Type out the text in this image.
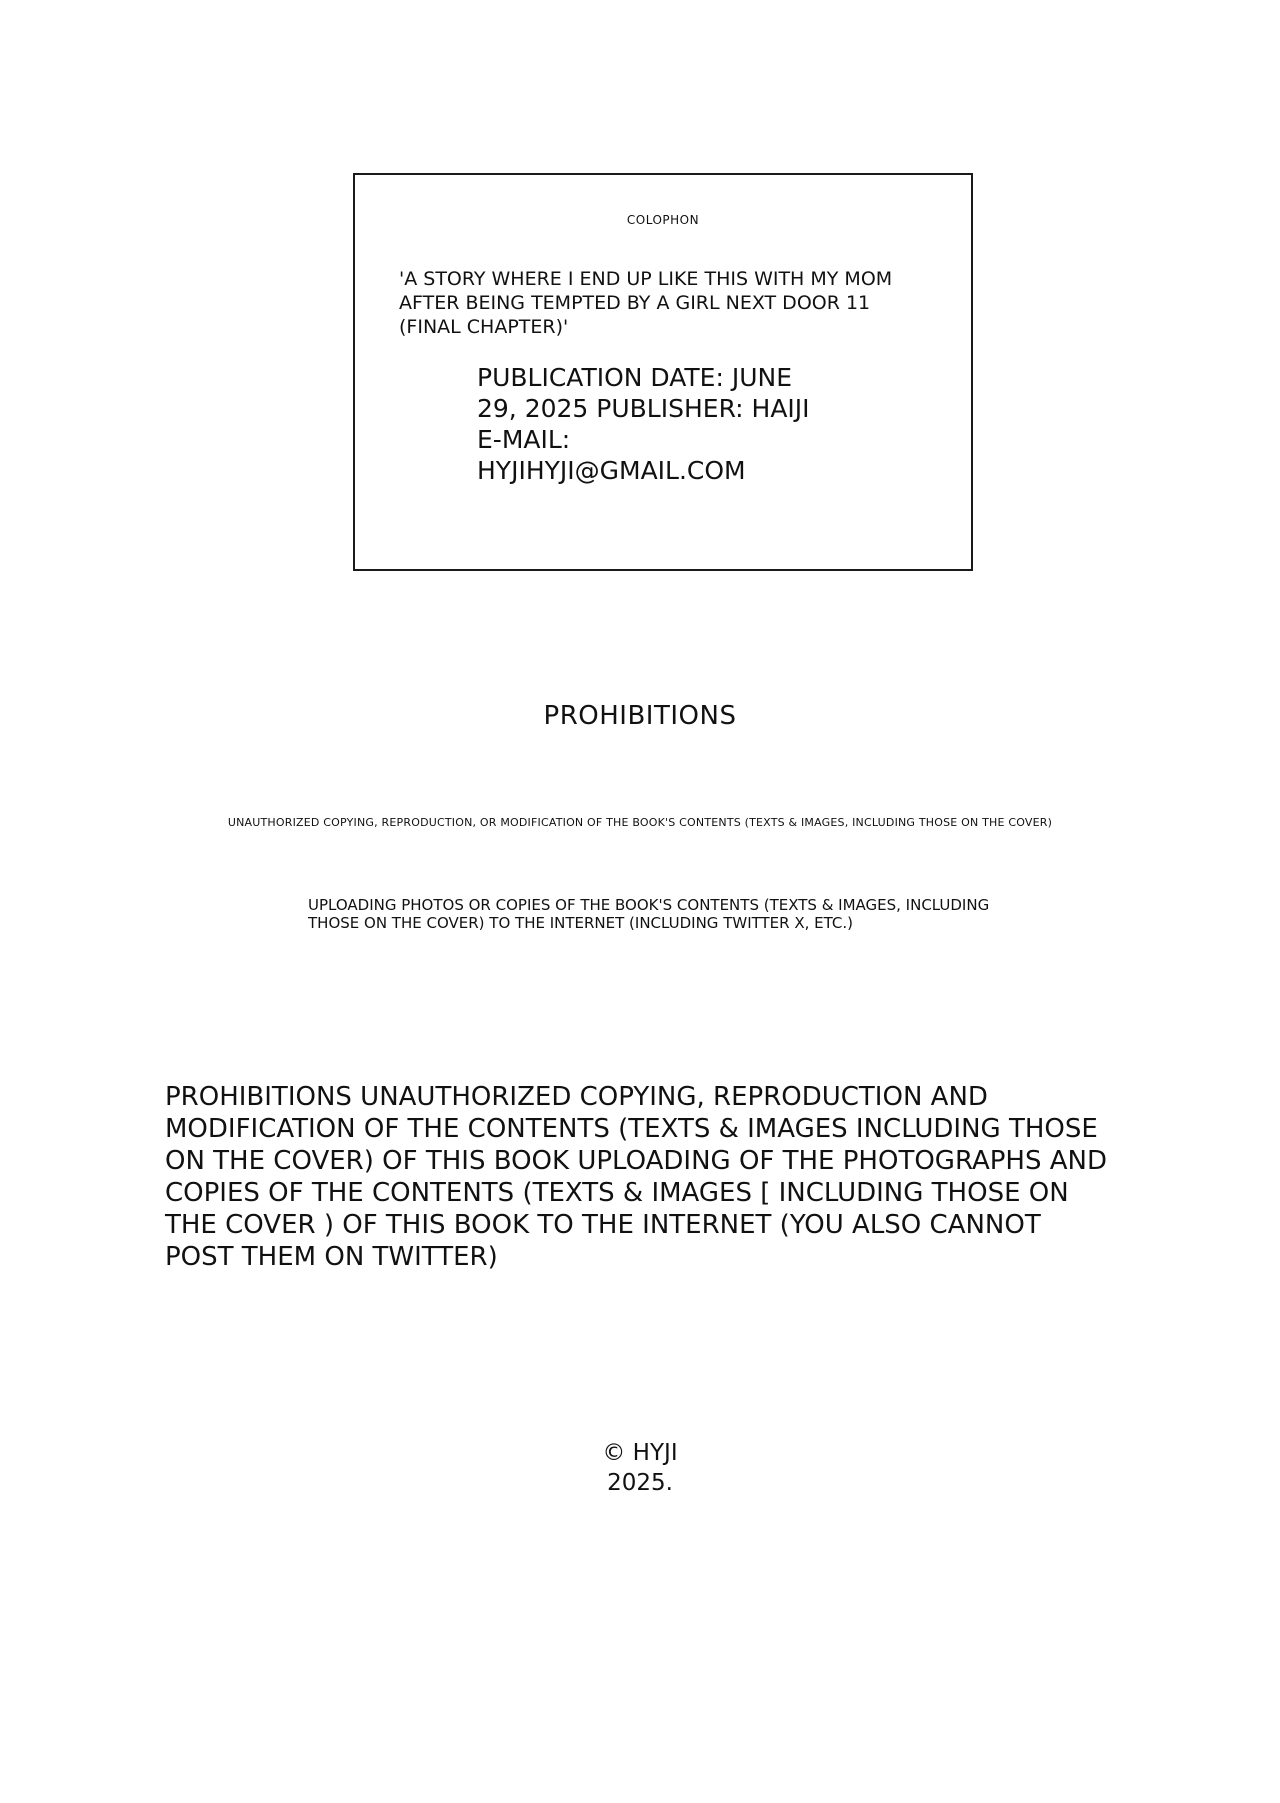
COLOPHON
'A STORY WHERE I END UP LIKE THIS WITH MY MOM AFTER BEING TEMPTED BY A GIRL NEXT DOOR 11 (FINAL CHAPTER)'
PUBLICATION DATE: JUNE 29, 2025 PUBLISHER: HAIJI E-MAIL: HYJIHYJI@GMAIL.COM
PROHIBITIONS
UNAUTHORIZED COPYING, REPRODUCTION, OR MODIFICATION OF THE BOOK'S CONTENTS (TEXTS & IMAGES, INCLUDING THOSE ON THE COVER)
UPLOADING PHOTOS OR COPIES OF THE BOOK'S CONTENTS (TEXTS & IMAGES, INCLUDING THOSE ON THE COVER) TO THE INTERNET (INCLUDING TWITTER X, ETC.)
PROHIBITIONS UNAUTHORIZED COPYING, REPRODUCTION AND MODIFICATION OF THE CONTENTS (TEXTS & IMAGES INCLUDING THOSE ON THE COVER) OF THIS BOOK UPLOADING OF THE PHOTOGRAPHS AND COPIES OF THE CONTENTS (TEXTS & IMAGES [ INCLUDING THOSE ON THE COVER ) OF THIS BOOK TO THE INTERNET (YOU ALSO CANNOT POST THEM ON TWITTER)
© HYJI
2025.
